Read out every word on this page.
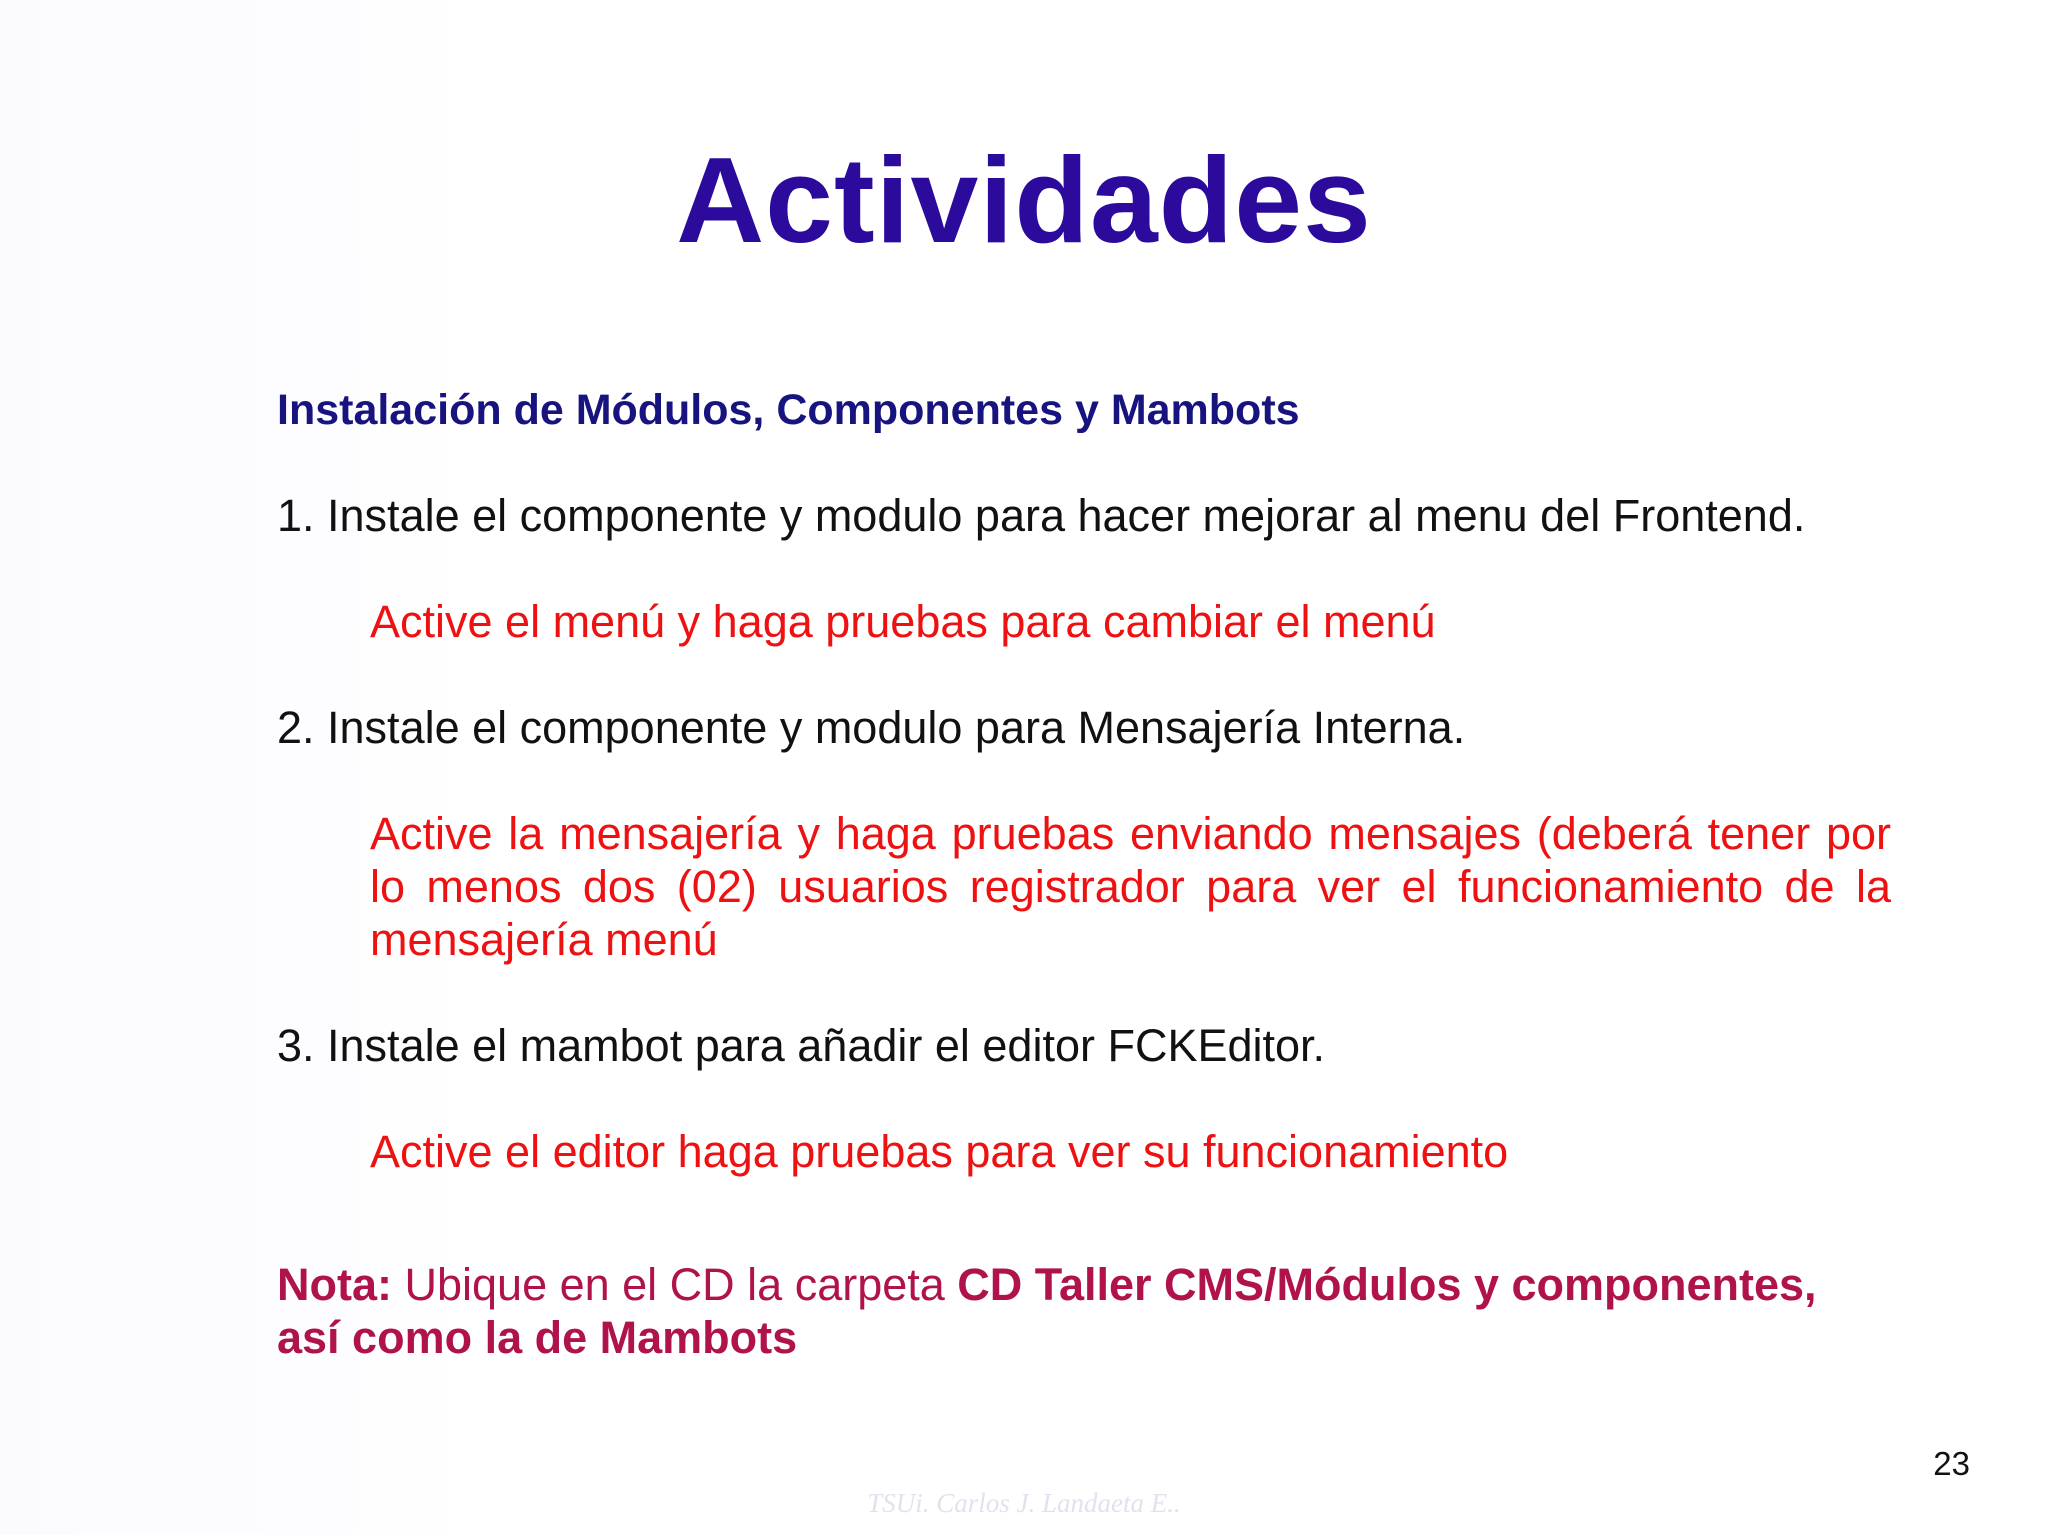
Actividades

Instalación de Módulos, Componentes y Mambots

1. Instale el componente y modulo para hacer mejorar al menu del Frontend.

Active el menú y haga pruebas para cambiar el menú

2. Instale el componente y modulo para Mensajería Interna.

Active la mensajería y haga pruebas enviando mensajes (deberá tener por lo menos dos (02) usuarios registrador para ver el funcionamiento de la mensajería menú

3. Instale el mambot para añadir el editor FCKEditor.

Active el editor haga pruebas para ver su funcionamiento

Nota: Ubique en el CD la carpeta CD Taller CMS/Módulos y componentes, así como la de Mambots

23
TSUi. Carlos J. Landaeta E..
